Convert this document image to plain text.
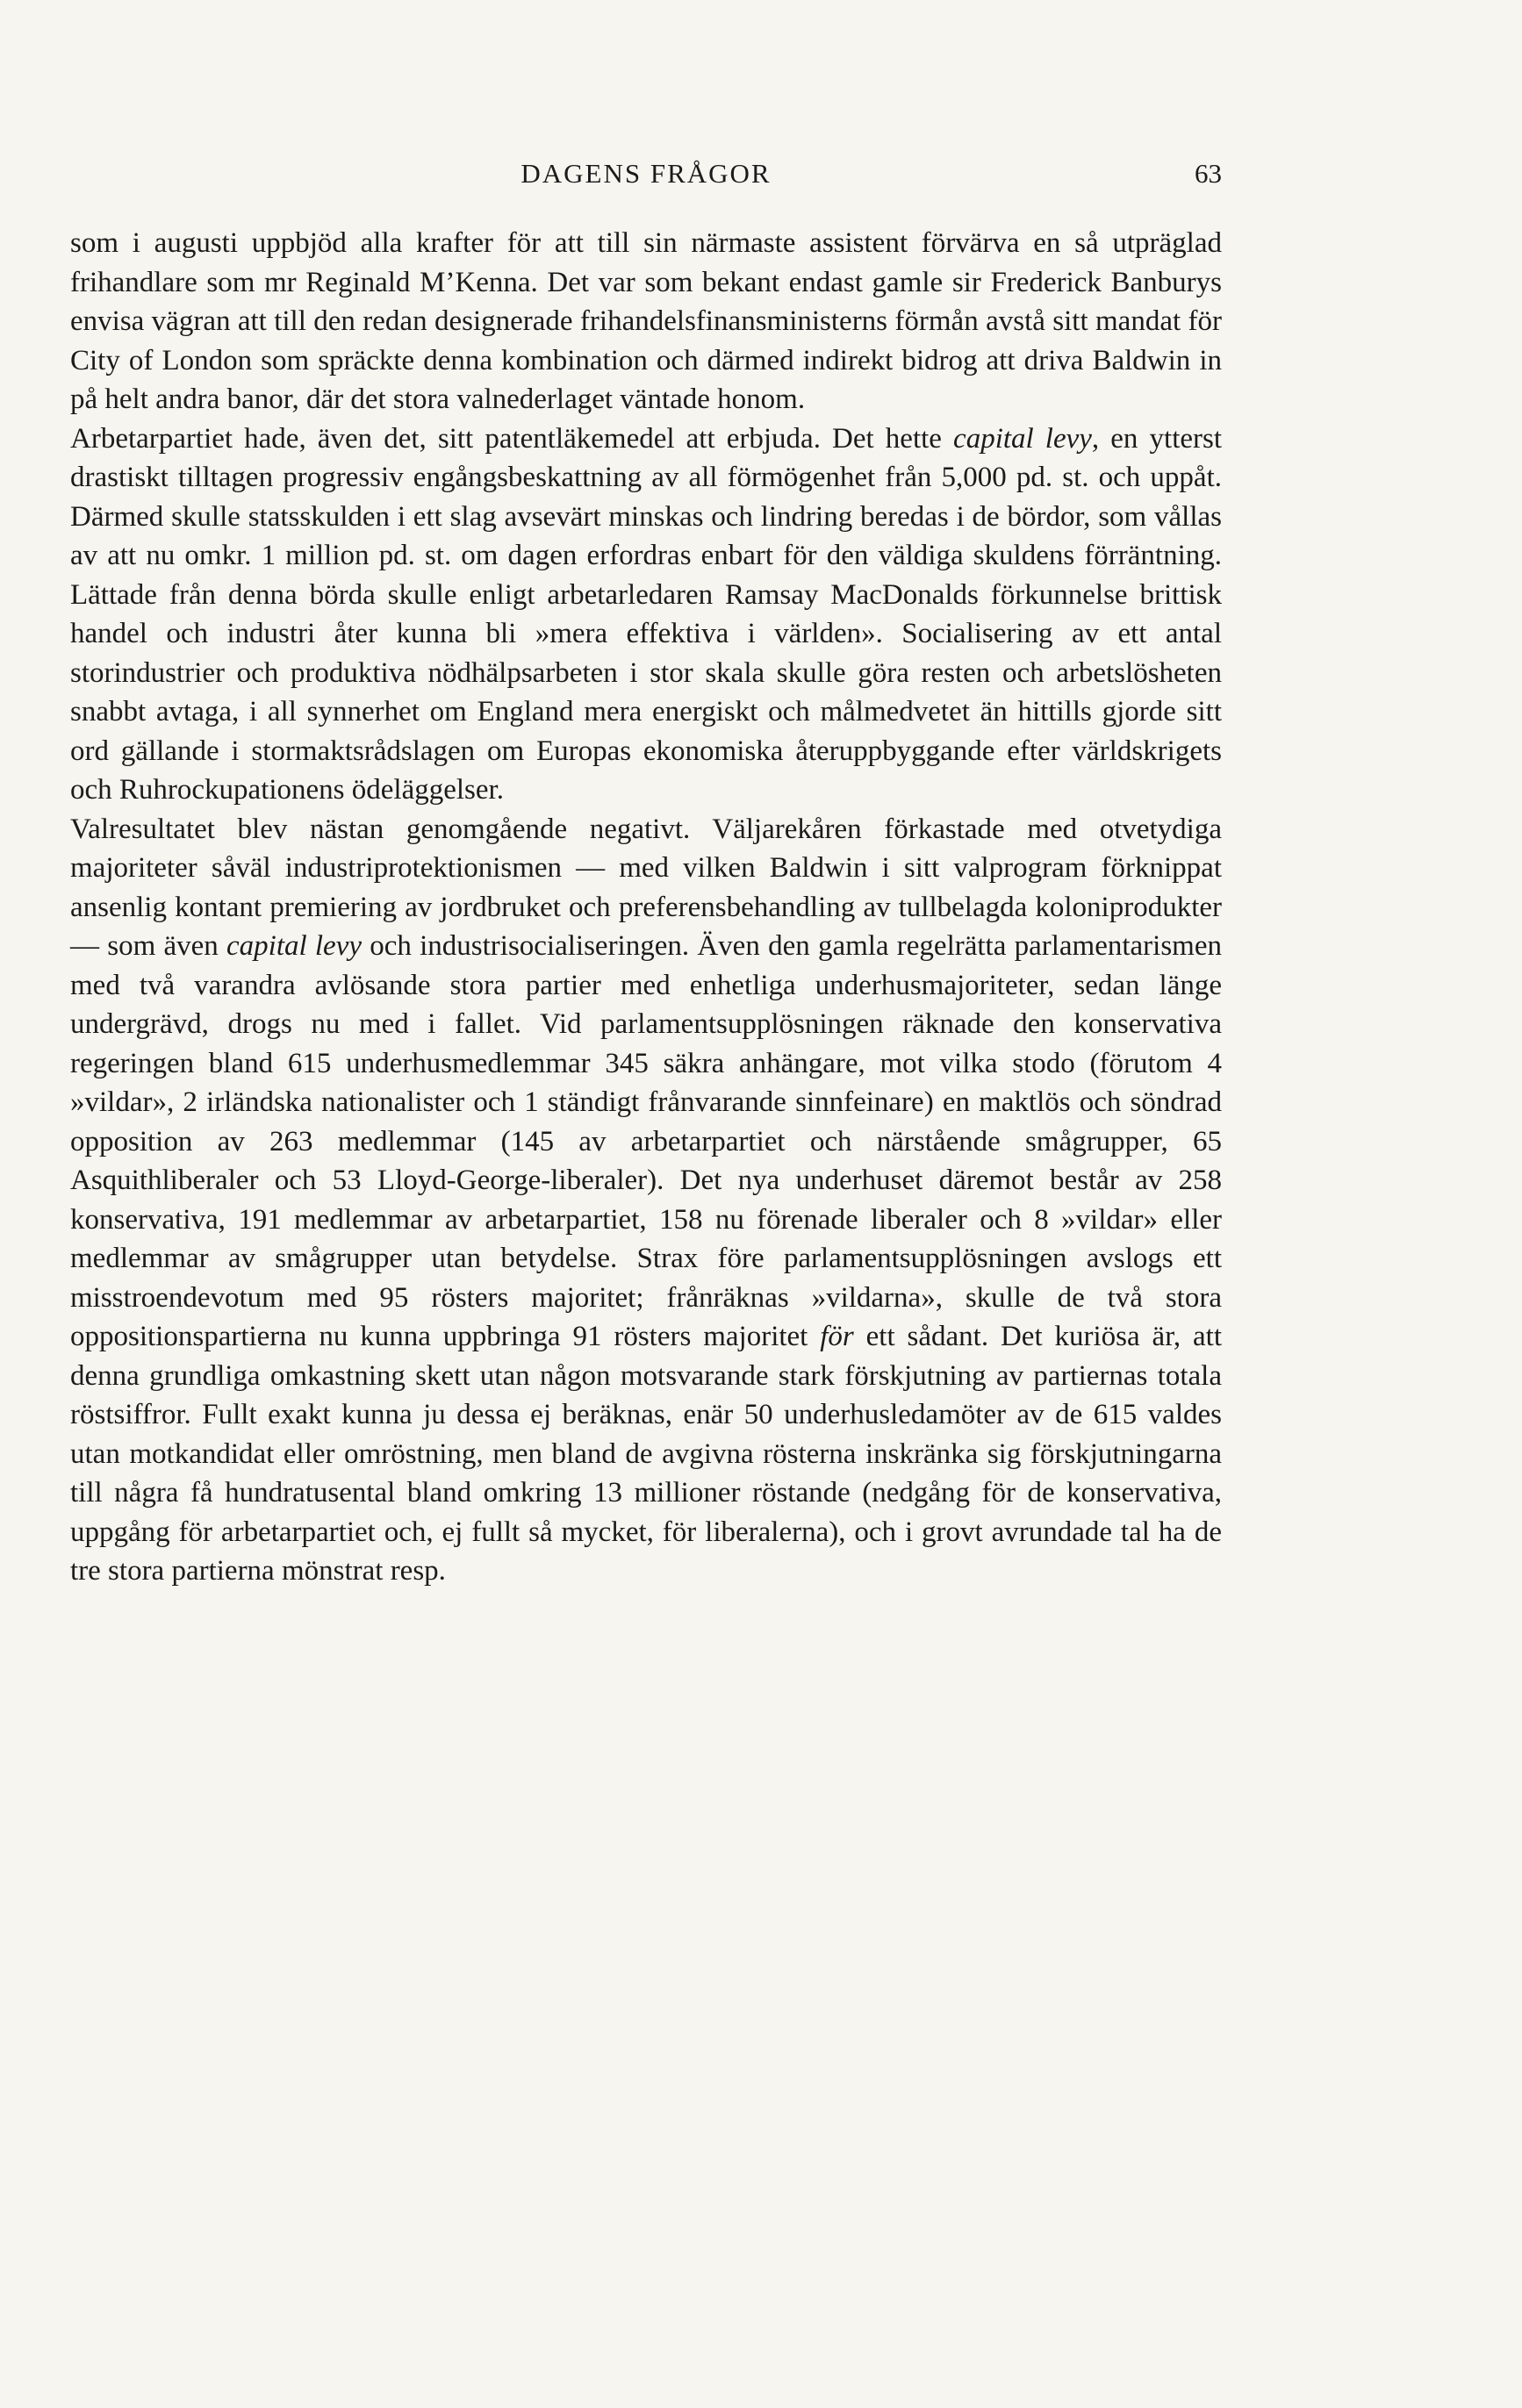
DAGENS FRÅGOR	63

som i augusti uppbjöd alla krafter för att till sin närmaste assistent förvärva en så utpräglad frihandlare som mr Reginald M’Kenna. Det var som bekant endast gamle sir Frederick Banburys envisa vägran att till den redan designerade frihandelsfinansministerns förmån avstå sitt mandat för City of London som spräckte denna kombination och därmed indirekt bidrog att driva Baldwin in på helt andra banor, där det stora valnederlaget väntade honom.

Arbetarpartiet hade, även det, sitt patentläkemedel att erbjuda. Det hette capital levy, en ytterst drastiskt tilltagen progressiv engångsbeskattning av all förmögenhet från 5,000 pd. st. och uppåt. Därmed skulle statsskulden i ett slag avsevärt minskas och lindring beredas i de bördor, som vållas av att nu omkr. 1 million pd. st. om dagen erfordras enbart för den väldiga skuldens förräntning. Lättade från denna börda skulle enligt arbetarledaren Ramsay MacDonalds förkunnelse brittisk handel och industri åter kunna bli »mera effektiva i världen». Socialisering av ett antal storindustrier och produktiva nödhälpsarbeten i stor skala skulle göra resten och arbetslösheten snabbt avtaga, i all synnerhet om England mera energiskt och målmedvetet än hittills gjorde sitt ord gällande i stormaktsrådslagen om Europas ekonomiska återuppbyggande efter världskrigets och Ruhrockupationens ödeläggelser.

Valresultatet blev nästan genomgående negativt. Väljarekåren förkastade med otvetydiga majoriteter såväl industriprotektionismen — med vilken Baldwin i sitt valprogram förknippat ansenlig kontant premiering av jordbruket och preferensbehandling av tullbelagda koloniprodukter — som även capital levy och industrisocialiseringen. Även den gamla regelrätta parlamentarismen med två varandra avlösande stora partier med enhetliga underhusmajoriteter, sedan länge undergrävd, drogs nu med i fallet. Vid parlamentsupplösningen räknade den konservativa regeringen bland 615 underhusmedlemmar 345 säkra anhängare, mot vilka stodo (förutom 4 »vildar», 2 irländska nationalister och 1 ständigt frånvarande sinnfeinare) en maktlös och söndrad opposition av 263 medlemmar (145 av arbetarpartiet och närstående smågrupper, 65 Asquithliberaler och 53 Lloyd-George-liberaler). Det nya underhuset däremot består av 258 konservativa, 191 medlemmar av arbetarpartiet, 158 nu förenade liberaler och 8 »vildar» eller medlemmar av smågrupper utan betydelse. Strax före parlamentsupplösningen avslogs ett misstroendevotum med 95 rösters majoritet; frånräknas »vildarna», skulle de två stora oppositionspartierna nu kunna uppbringa 91 rösters majoritet för ett sådant. Det kuriösa är, att denna grundliga omkastning skett utan någon motsvarande stark förskjutning av partiernas totala röstsiffror. Fullt exakt kunna ju dessa ej beräknas, enär 50 underhusledamöter av de 615 valdes utan motkandidat eller omröstning, men bland de avgivna rösterna inskränka sig förskjutningarna till några få hundratusental bland omkring 13 millioner röstande (nedgång för de konservativa, uppgång för arbetarpartiet och, ej fullt så mycket, för liberalerna), och i grovt avrundade tal ha de tre stora partierna mönstrat resp.
